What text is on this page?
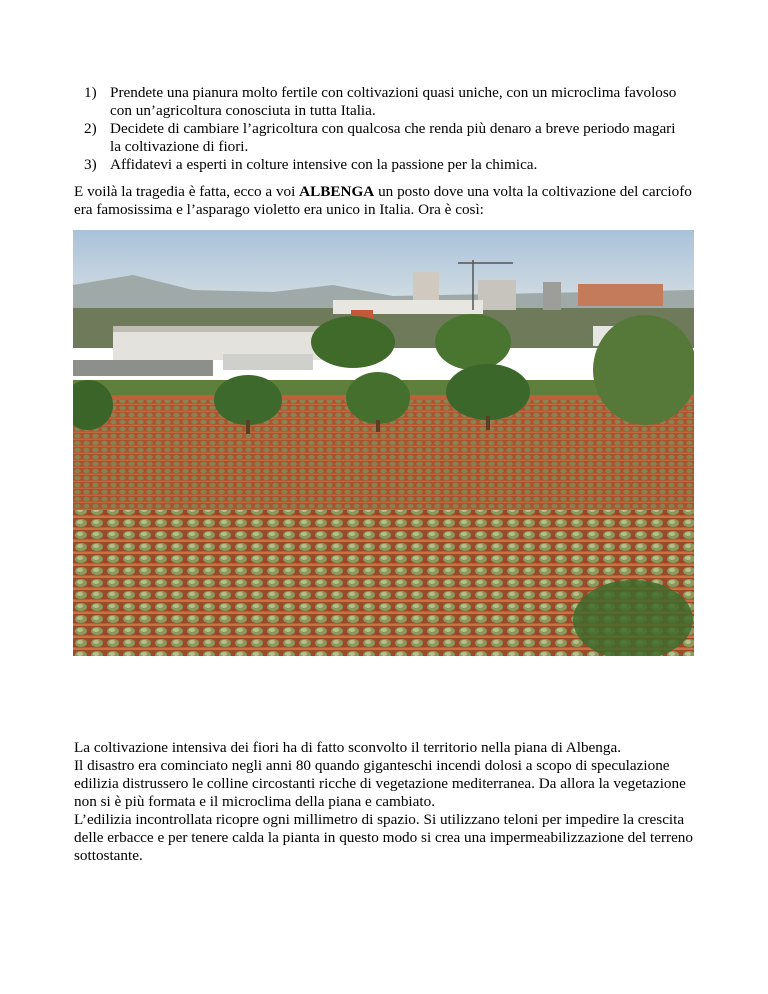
1) Prendete una pianura molto fertile con coltivazioni quasi uniche, con un microclima favoloso con un’agricoltura conosciuta in tutta Italia.
2) Decidete di cambiare l’agricoltura con qualcosa che renda più denaro a breve periodo magari la coltivazione di fiori.
3) Affidatevi a esperti in colture intensive con la passione per la chimica.

E voilà la tragedia è fatta, ecco a voi ALBENGA un posto dove una volta la coltivazione del carciofo era famosissima e l’asparago violetto era unico in Italia. Ora è così:

La coltivazione intensiva dei fiori ha di fatto sconvolto il territorio nella piana di Albenga.
Il disastro era cominciato negli anni 80 quando giganteschi incendi dolosi a scopo di speculazione edilizia distrussero le colline circostanti ricche di vegetazione mediterranea. Da allora la vegetazione non si è più formata e il microclima della piana e cambiato.
L’edilizia incontrollata ricopre ogni millimetro di spazio. Si utilizzano teloni per impedire la crescita delle erbacce e per tenere calda la pianta in questo modo si crea una impermeabilizzazione del terreno sottostante.
